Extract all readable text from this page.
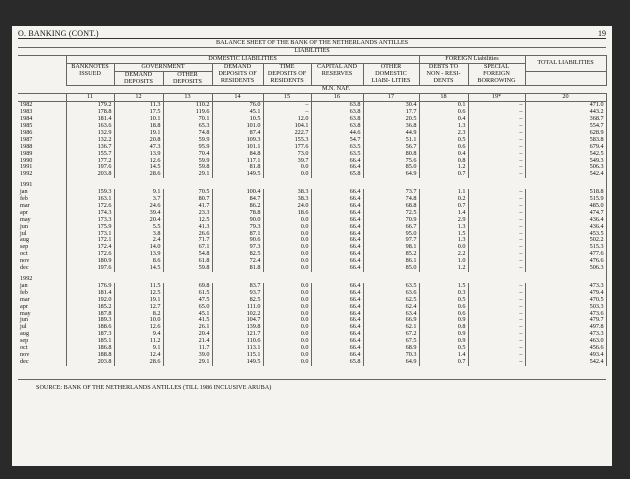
O. BANKING (CONT.)	19
BALANCE SHEET OF THE BANK OF THE NETHERLANDS ANTILLES										
LIABILITIES										
	DOMESTIC LIABILITIES							FOREIGN Liabilities		TOTAL LIABILITIES
	BANKNOTES ISSUED	GOVERNMENT		DEMAND DEPOSITS OF RESIDENTS	TIME DEPOSITS OF RESIDENTS	CAPITAL AND RESERVES	OTHER DOMESTIC LIABI- LITIES	DEBTS TO NON - RESI- DENTS	SPECIAL FOREIGN BORROWING	
		DEMAND DEPOSITS	OTHER DEPOSITS							
	M.N. NAF.									
	11	12	13	14	15	16	17	18	19*	20
1982	179.2	11.3	110.2	76.0	–	63.8	30.4	0.1	–	471.0
1983	178.8	17.5	119.6	45.1	–	63.8	17.7	0.6	–	443.2
1984	181.4	10.1	70.1	10.5	12.0	63.8	20.5	0.4	–	368.7
1985	163.6	18.8	65.3	101.0	104.1	63.8	36.8	1.3	–	554.7
1986	132.9	19.1	74.8	87.4	222.7	44.6	44.9	2.3	–	628.9
1987	132.2	20.8	59.9	109.3	155.3	54.7	51.1	0.5	–	583.8
1988	136.7	47.3	95.9	101.1	177.6	63.5	56.7	0.6	–	679.4
1989	155.7	13.9	70.4	84.8	73.0	63.5	80.8	0.4	–	542.5
1990	177.2	12.6	59.9	117.1	39.7	66.4	75.6	0.8	–	549.3
1991	197.6	14.5	59.8	81.8	0.0	66.4	85.0	1.2	–	506.3
1992	203.8	28.6	29.1	149.5	0.0	65.8	64.9	0.7	–	542.4

1991										
jan	159.3	9.1	70.5	100.4	38.3	66.4	73.7	1.1	–	518.8
feb	163.1	3.7	80.7	84.7	38.3	66.4	74.8	0.2	–	515.9
mar	172.6	24.6	41.7	86.2	24.0	66.4	68.8	0.7	–	485.0
apr	174.3	39.4	23.3	78.8	18.6	66.4	72.5	1.4	–	474.7
may	173.3	20.4	12.5	90.0	0.0	66.4	70.9	2.9	–	436.4
jun	175.9	5.5	41.3	79.3	0.0	66.4	66.7	1.3	–	436.4
jul	173.1	3.8	26.6	87.1	0.0	66.4	95.0	1.5	–	453.5
aug	172.1	2.4	71.7	90.6	0.0	66.4	97.7	1.3	–	502.2
sep	172.4	14.0	67.1	97.3	0.0	66.4	98.1	0.0	–	515.3
oct	172.6	13.9	54.8	82.5	0.0	66.4	85.2	2.2	–	477.6
nov	180.9	8.6	61.8	72.4	0.0	66.4	86.1	1.0	–	476.6
dec	197.6	14.5	59.8	81.8	0.0	66.4	85.0	1.2	–	506.3

1992										
jan	176.9	11.5	69.8	83.7	0.0	66.4	63.5	1.5	–	473.3
feb	181.4	12.5	61.5	93.7	0.0	66.4	63.6	0.3	–	479.4
mar	192.0	19.1	47.5	82.5	0.0	66.4	62.5	0.5	–	470.5
apr	185.2	12.7	65.0	111.0	0.0	66.4	62.4	0.6	–	503.3
may	187.8	8.2	45.1	102.2	0.0	66.4	63.4	0.6	–	473.6
jun	189.3	10.0	41.5	104.7	0.0	66.4	66.9	0.9	–	479.7
jul	188.6	12.6	26.1	139.8	0.0	66.4	62.1	0.8	–	497.8
aug	187.3	9.4	20.4	121.7	0.0	66.4	67.2	0.9	–	473.3
sep	185.1	11.2	21.4	110.6	0.0	66.4	67.5	0.9	–	463.0
oct	186.8	9.1	11.7	113.1	0.0	66.4	68.9	0.5	–	456.6
nov	188.8	12.4	39.0	115.1	0.0	66.4	70.3	1.4	–	493.4
dec	203.8	28.6	29.1	149.5	0.0	65.8	64.9	0.7	–	542.4
SOURCE: BANK OF THE NETHERLANDS ANTILLES (TILL 1986 INCLUSIVE ARUBA)
